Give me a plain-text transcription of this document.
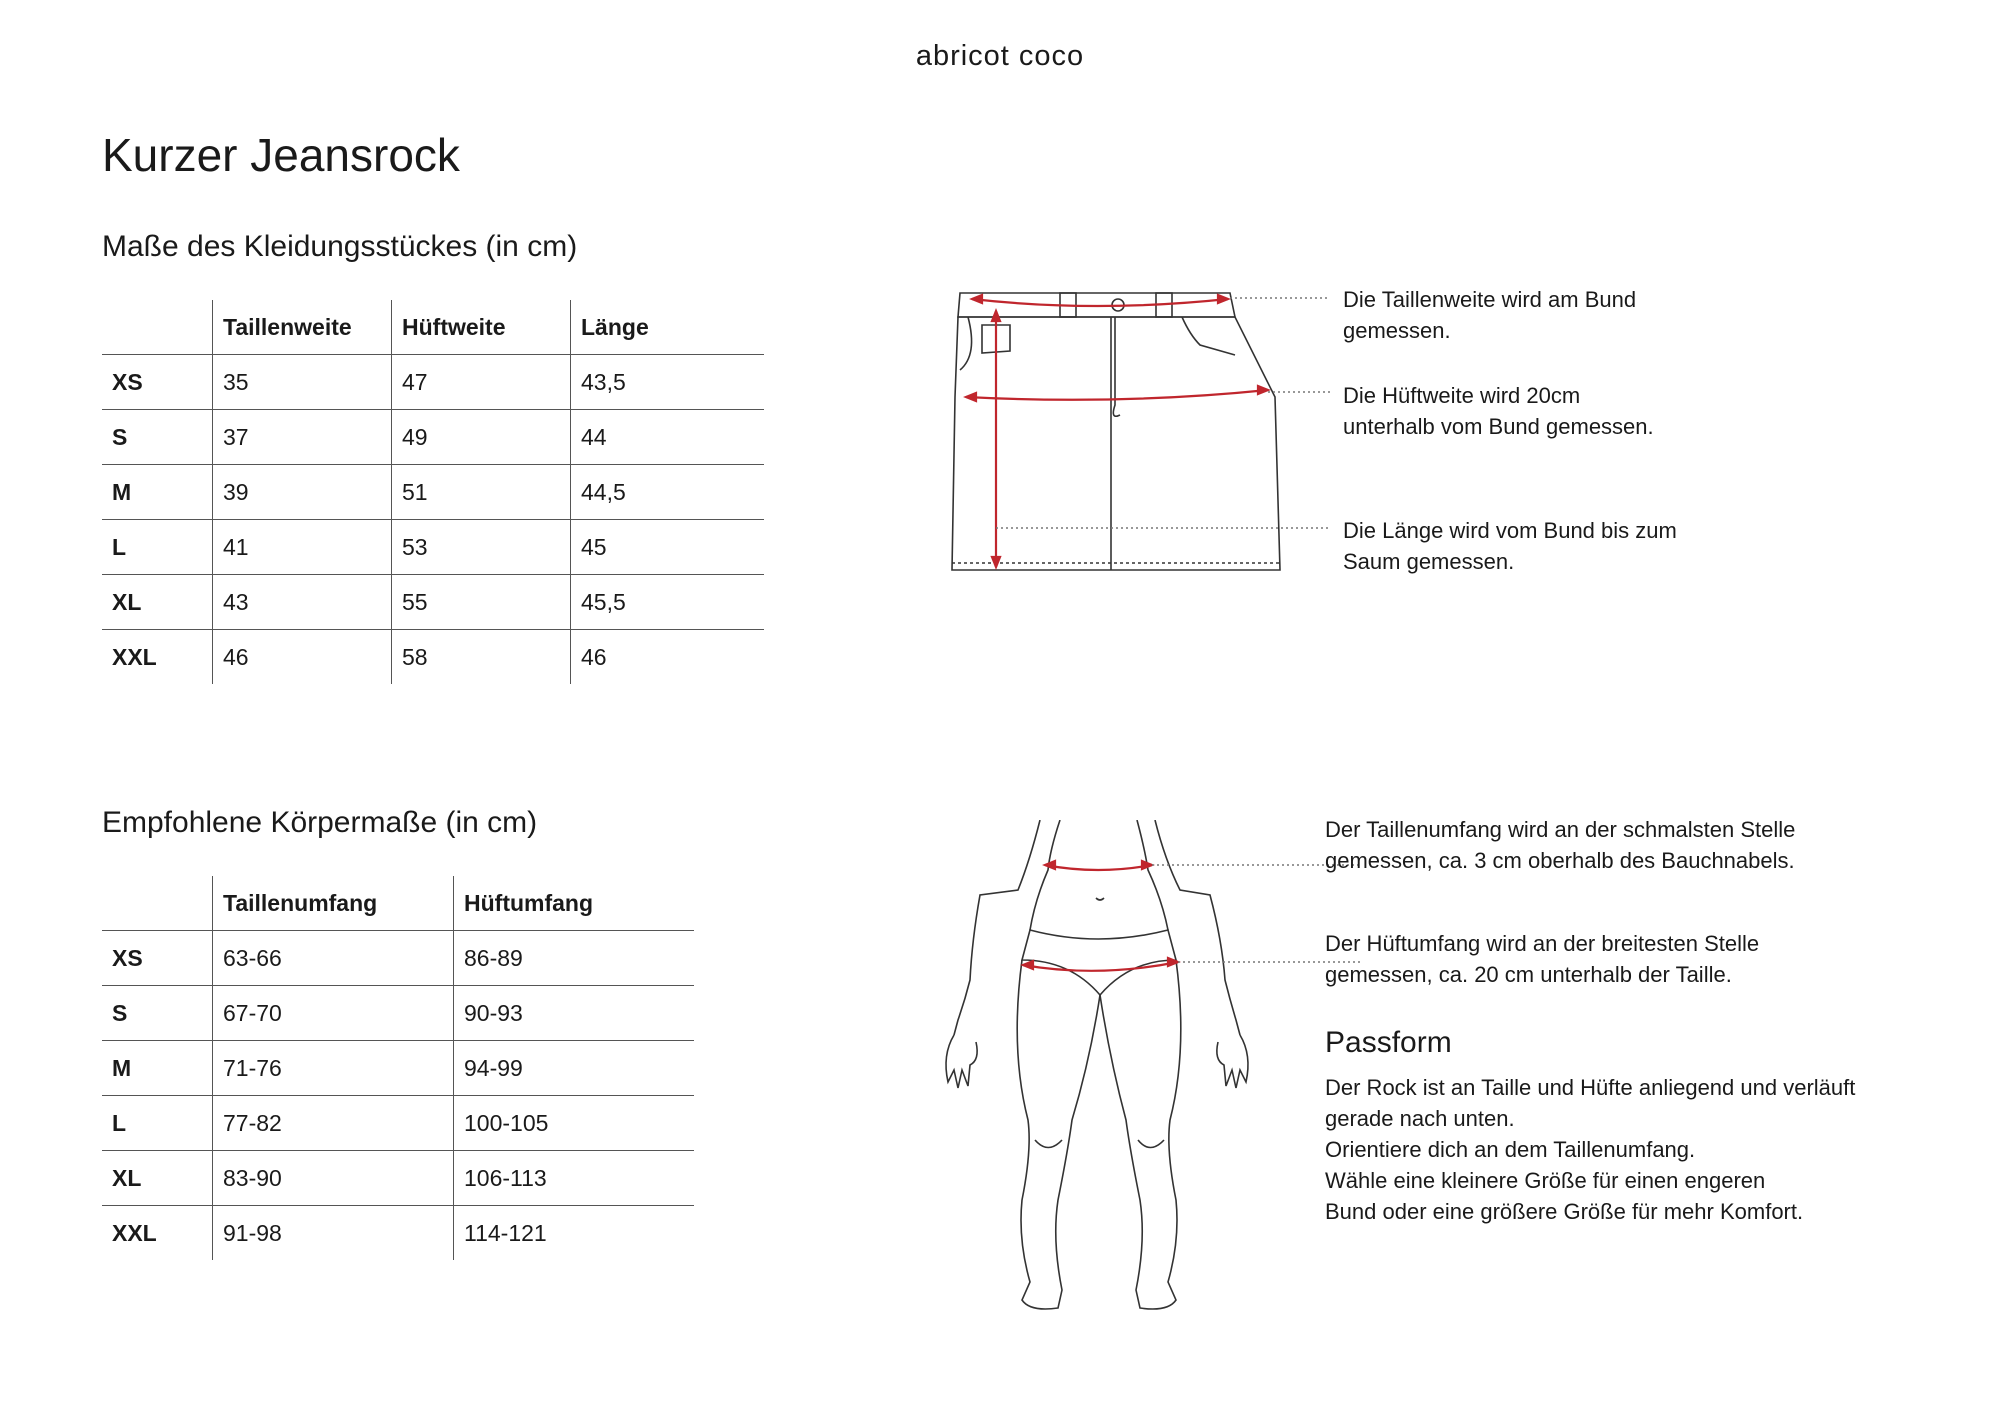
abricot coco
Kurzer Jeansrock
Maße des Kleidungsstückes (in cm)
	Taillenweite	Hüftweite	Länge
XS	35	47	43,5
S	37	49	44
M	39	51	44,5
L	41	53	45
XL	43	55	45,5
XXL	46	58	46
Die Taillenweite wird am Bund
gemessen.
Die Hüftweite wird 20cm
unterhalb vom Bund gemessen.
Die Länge wird vom Bund bis zum
Saum gemessen.
Empfohlene Körpermaße (in cm)
	Taillenumfang	Hüftumfang
XS	63-66	86-89
S	67-70	90-93
M	71-76	94-99
L	77-82	100-105
XL	83-90	106-113
XXL	91-98	114-121
Der Taillenumfang wird an der schmalsten Stelle
gemessen, ca. 3 cm oberhalb des Bauchnabels.
Der Hüftumfang wird an der breitesten Stelle
gemessen, ca. 20 cm unterhalb der Taille.
Passform
Der Rock ist an Taille und Hüfte anliegend und verläuft
gerade nach unten.
Orientiere dich an dem Taillenumfang.
Wähle eine kleinere Größe für einen engeren
Bund oder eine größere Größe für mehr Komfort.
